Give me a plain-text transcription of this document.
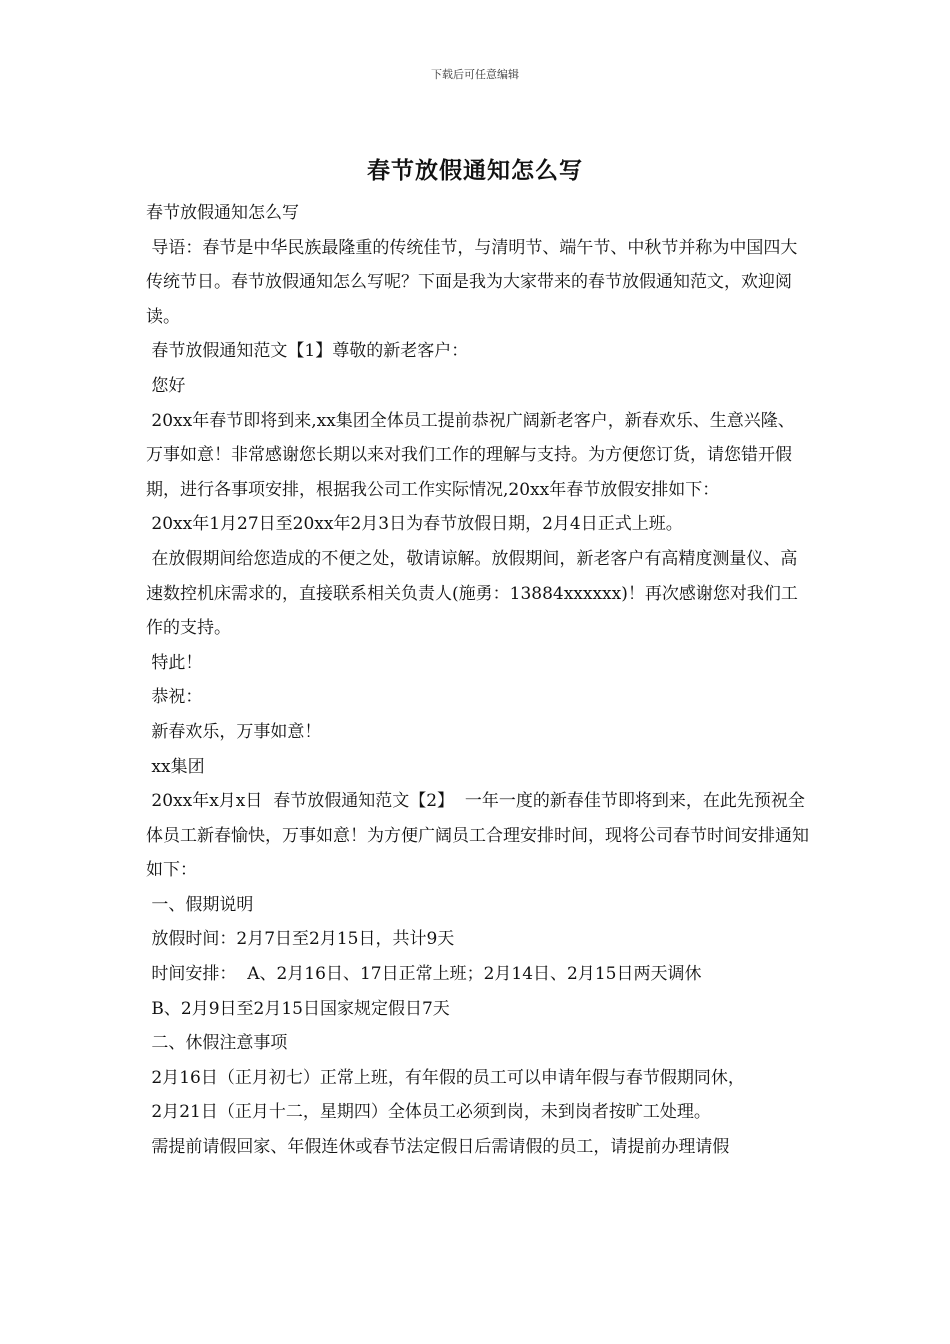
下载后可任意编辑
春节放假通知怎么写

春节放假通知怎么写

导语：春节是中华民族最隆重的传统佳节，与清明节、端午节、中秋节并称为中国四大传统节日。春节放假通知怎么写呢？下面是我为大家带来的春节放假通知范文，欢迎阅读。

春节放假通知范文【1】尊敬的新老客户：

您好

20xx年春节即将到来,xx集团全体员工提前恭祝广阔新老客户，新春欢乐、生意兴隆、万事如意！非常感谢您长期以来对我们工作的理解与支持。为方便您订货，请您错开假期，进行各事项安排，根据我公司工作实际情况,20xx年春节放假安排如下：

20xx年1月27日至20xx年2月3日为春节放假日期，2月4日正式上班。

在放假期间给您造成的不便之处，敬请谅解。放假期间，新老客户有高精度测量仪、高速数控机床需求的，直接联系相关负责人(施勇：13884xxxxxx)！再次感谢您对我们工作的支持。

特此！

恭祝：

新春欢乐，万事如意！

xx集团

20xx年x月x日  春节放假通知范文【2】  一年一度的新春佳节即将到来，在此先预祝全体员工新春愉快，万事如意！为方便广阔员工合理安排时间，现将公司春节时间安排通知如下：

一、假期说明

放假时间：2月7日至2月15日，共计9天

时间安排：  A、2月16日、17日正常上班；2月14日、2月15日两天调休

B、2月9日至2月15日国家规定假日7天

二、休假注意事项

2月16日（正月初七）正常上班，有年假的员工可以申请年假与春节假期同休，

2月21日（正月十二，星期四）全体员工必须到岗，未到岗者按旷工处理。

需提前请假回家、年假连休或春节法定假日后需请假的员工，请提前办理请假
